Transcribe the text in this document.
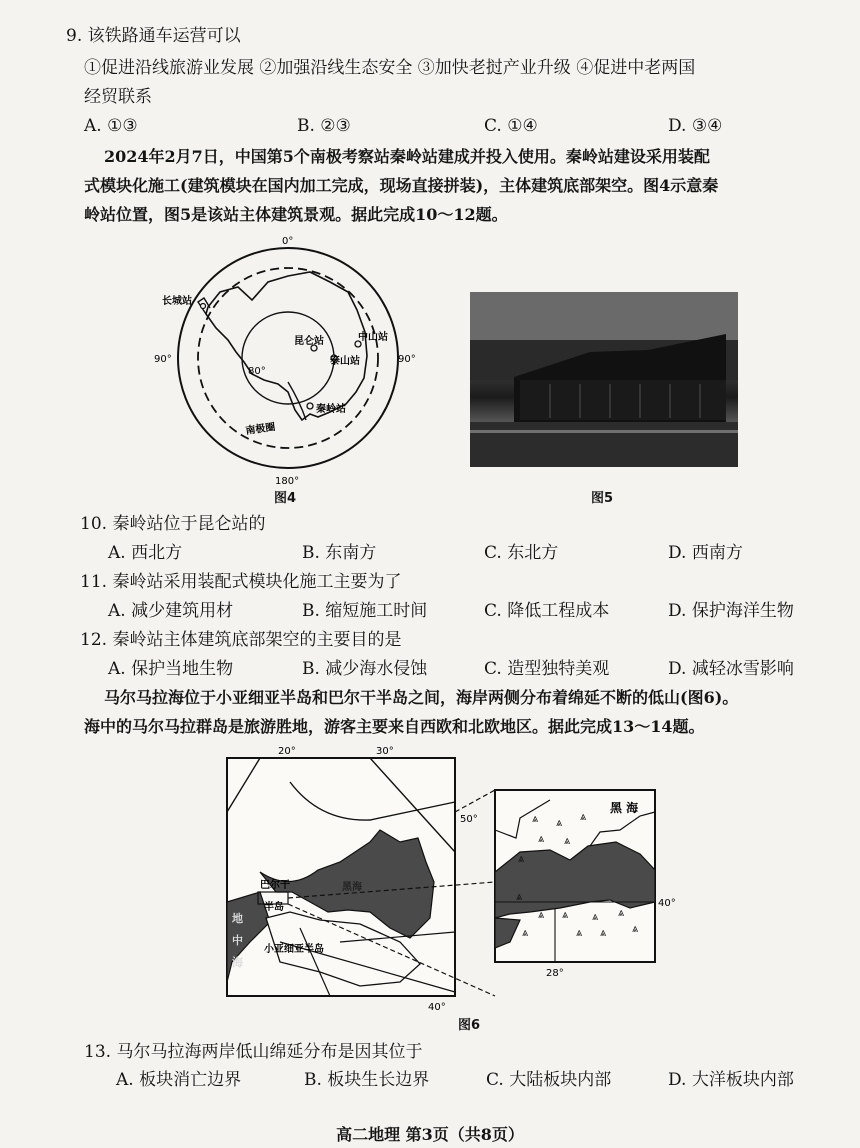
9. 该铁路通车运营可以
①促进沿线旅游业发展 ②加强沿线生态安全 ③加快老挝产业升级 ④促进中老两国
经贸联系
A. ①③	B. ②③	C. ①④	D. ③④
2024年2月7日，中国第5个南极考察站秦岭站建成并投入使用。秦岭站建设采用装配
式模块化施工(建筑模块在国内加工完成，现场直接拼装)，主体建筑底部架空。图4示意秦
岭站位置，图5是该站主体建筑景观。据此完成10～12题。
0°
180°
90°	90°
80°
长城站
昆仑站	中山站
泰山站
秦岭站
南极圈
图4	图5
10. 秦岭站位于昆仑站的
A. 西北方	B. 东南方	C. 东北方	D. 西南方
11. 秦岭站采用装配式模块化施工主要为了
A. 减少建筑用材	B. 缩短施工时间	C. 降低工程成本	D. 保护海洋生物
12. 秦岭站主体建筑底部架空的主要目的是
A. 保护当地生物	B. 减少海水侵蚀	C. 造型独特美观	D. 减轻冰雪影响
马尔马拉海位于小亚细亚半岛和巴尔干半岛之间，海岸两侧分布着绵延不断的低山(图6)。
海中的马尔马拉群岛是旅游胜地，游客主要来自西欧和北欧地区。据此完成13～14题。
⩓ ⩓ ⩓
⩓ ⩓
⩓
⩓
⩓ ⩓ ⩓ ⩓
⩓
⩓ ⩓
⩓
20°	30°
40°
50°
巴尔干
半岛
小亚细亚半岛
黑海
地
中
海
黑 海
40°
28°
图6
13. 马尔马拉海两岸低山绵延分布是因其位于
A. 板块消亡边界	B. 板块生长边界	C. 大陆板块内部	D. 大洋板块内部
高二地理 第3页（共8页）
